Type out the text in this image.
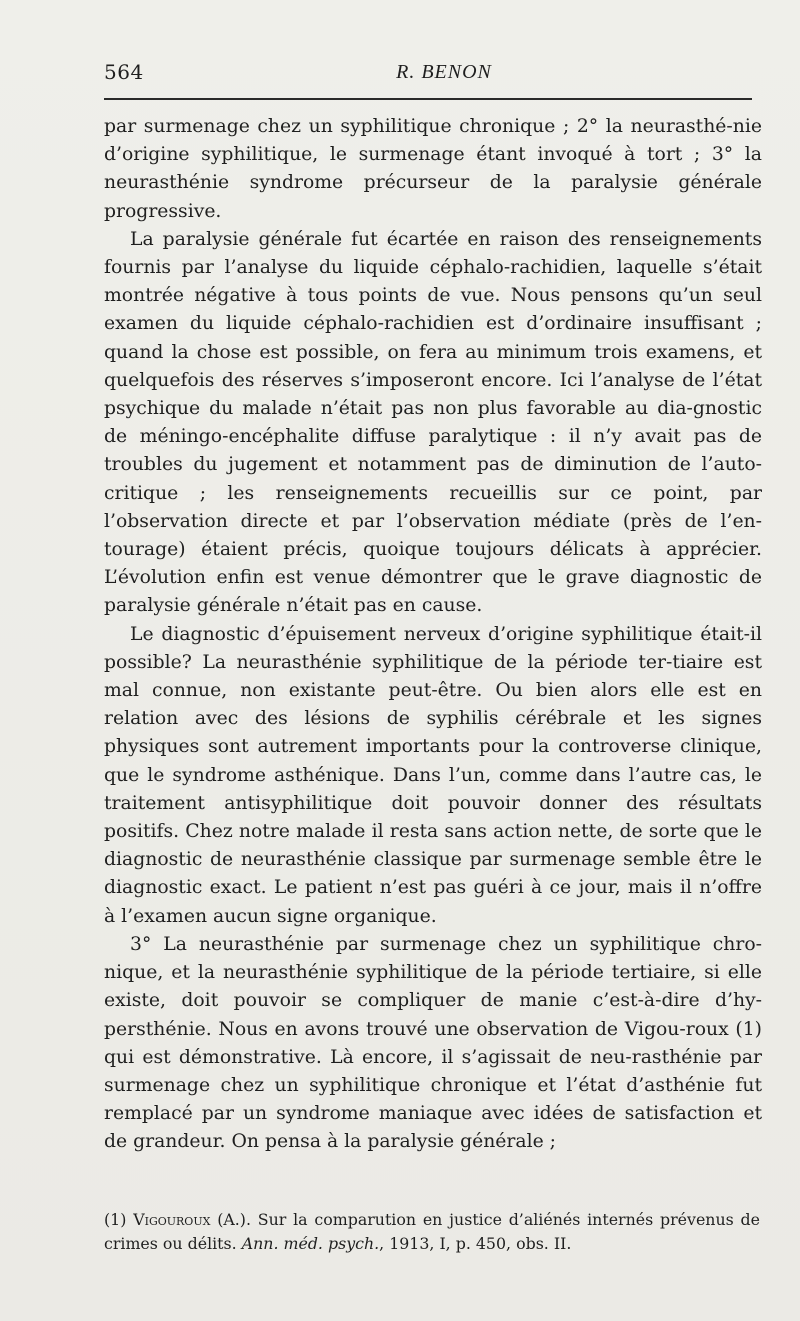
564	R. BENON

par surmenage chez un syphilitique chronique ; 2° la neurasthé-nie d’origine syphilitique, le surmenage étant invoqué à tort ; 3° la neurasthénie syndrome précurseur de la paralysie générale progressive.

La paralysie générale fut écartée en raison des renseignements fournis par l’analyse du liquide céphalo-rachidien, laquelle s’était montrée négative à tous points de vue. Nous pensons qu’un seul examen du liquide céphalo-rachidien est d’ordinaire insuffisant ; quand la chose est possible, on fera au minimum trois examens, et quelquefois des réserves s’imposeront encore. Ici l’analyse de l’état psychique du malade n’était pas non plus favorable au dia-gnostic de méningo-encéphalite diffuse paralytique : il n’y avait pas de troubles du jugement et notamment pas de diminution de l’auto-critique ; les renseignements recueillis sur ce point, par l’observation directe et par l’observation médiate (près de l’en-tourage) étaient précis, quoique toujours délicats à apprécier. L’évolution enfin est venue démontrer que le grave diagnostic de paralysie générale n’était pas en cause.

Le diagnostic d’épuisement nerveux d’origine syphilitique était-il possible? La neurasthénie syphilitique de la période ter-tiaire est mal connue, non existante peut-être. Ou bien alors elle est en relation avec des lésions de syphilis cérébrale et les signes physiques sont autrement importants pour la controverse clinique, que le syndrome asthénique. Dans l’un, comme dans l’autre cas, le traitement antisyphilitique doit pouvoir donner des résultats positifs. Chez notre malade il resta sans action nette, de sorte que le diagnostic de neurasthénie classique par surmenage semble être le diagnostic exact. Le patient n’est pas guéri à ce jour, mais il n’offre à l’examen aucun signe organique.

3° La neurasthénie par surmenage chez un syphilitique chro-nique, et la neurasthénie syphilitique de la période tertiaire, si elle existe, doit pouvoir se compliquer de manie c’est-à-dire d’hy-persthénie. Nous en avons trouvé une observation de Vigou-roux (1) qui est démonstrative. Là encore, il s’agissait de neu-rasthénie par surmenage chez un syphilitique chronique et l’état d’asthénie fut remplacé par un syndrome maniaque avec idées de satisfaction et de grandeur. On pensa à la paralysie générale ;

(1) Vigouroux (A.). Sur la comparution en justice d’aliénés internés prévenus de crimes ou délits. Ann. méd. psych., 1913, I, p. 450, obs. II.
